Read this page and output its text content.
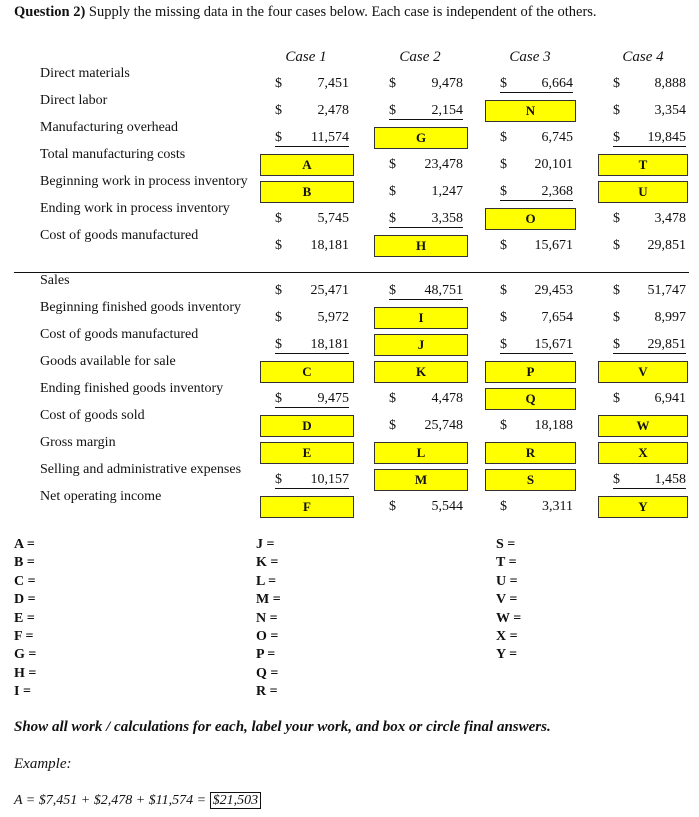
Question 2) Supply the missing data in the four cases below. Each case is independent of the others.
Case 1	Case 2	Case 3	Case 4
Direct materials
$	7,451	$	9,478	$	6,664	$ 8,888
Direct labor
$	2,478	$	2,154	N	$ 3,354
Manufacturing overhead
$	11,574	G	$ 6,745	$	19,845
Total manufacturing costs
A	$ 23,478	$ 20,101	T
Beginning work in process inventory
B	$	1,247	$	2,368	U
Ending work in process inventory
$	5,745	$	3,358	O	$ 3,478
Cost of goods manufactured
$ 18,181	H	$ 15,671	$ 29,851
Sales
$ 25,471	$	48,751	$ 29,453	$ 51,747
Beginning finished goods inventory
$	5,972	I	$ 7,654	$ 8,997
Cost of goods manufactured
$	18,181	J	$	15,671	$	29,851
Goods available for sale
C	K	P	V
Ending finished goods inventory
$	9,475	$	4,478	Q	$ 6,941
Cost of goods sold
D	$ 25,748	$ 18,188	W
Gross margin
E	L	R	X
Selling and administrative expenses
$	10,157	M	S	$	1,458
Net operating income
F	$	5,544	$	3,311	Y
A =
B =
C =
D =
E =
F =
G =
H =
I =
J =
K =
L =
M =
N =
O =
P =
Q =
R =
S =
T =
U =
V =
W =
X =
Y =
Show all work / calculations for each, label your work, and box or circle final answers.
Example:
A = $7,451 + $2,478 + $11,574 = $21,503
